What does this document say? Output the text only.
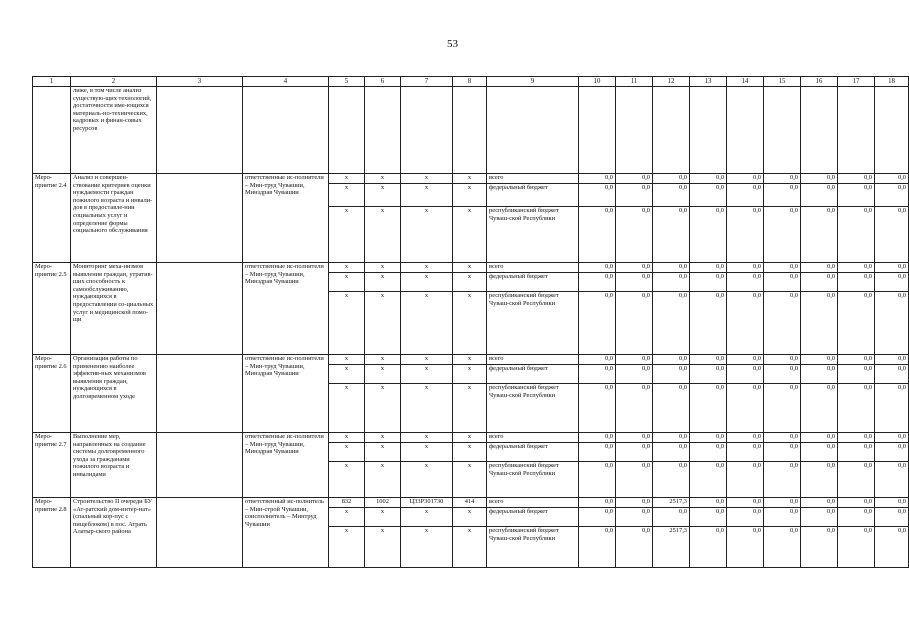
53
1	2	3	4	5	6	7	8	9	10	11	12	13	14	15	16	17	18
	лиже, в том числе анализ существую-щих технологий, достаточности име-ющихся материаль-но-технических, кадровых и финан-совых ресурсов																
Меро-приятие 2.4	Анализ и совершен-ствование критериев оценки нуждаемости граждан пожилого возраста и инвали-дов в предоставле-нии социальных услуг и определение формы социального обслуживания		ответственные ис-полнители – Мин-труд Чувашии, Минздрав Чувашии	x	x	x	x	всего	0,0	0,0	0,0	0,0	0,0	0,0	0,0	0,0	0,0
				x	x	x	x	федеральный бюджет	0,0	0,0	0,0	0,0	0,0	0,0	0,0	0,0	0,0
				x	x	x	x	республиканский бюджет Чуваш-ской Республики	0,0	0,0	0,0	0,0	0,0	0,0	0,0	0,0	0,0
Меро-приятие 2.5	Мониторинг меха-низмов выявления граждан, утратив-ших способность к самообслуживанию, нуждающихся в предоставлении со-циальных услуг и медицинской помо-щи		ответственные ис-полнители – Мин-труд Чувашии, Минздрав Чувашии	x	x	x	x	всего	0,0	0,0	0,0	0,0	0,0	0,0	0,0	0,0	0,0
				x	x	x	x	федеральный бюджет	0,0	0,0	0,0	0,0	0,0	0,0	0,0	0,0	0,0
				x	x	x	x	республиканский бюджет Чуваш-ской Республики	0,0	0,0	0,0	0,0	0,0	0,0	0,0	0,0	0,0
Меро-приятие 2.6	Организация работы по применению наиболее эффектив-ных механизмов выявления граждан, нуждающихся в долговременном уходе		ответственные ис-полнители – Мин-труд Чувашии, Минздрав Чувашии	x	x	x	x	всего	0,0	0,0	0,0	0,0	0,0	0,0	0,0	0,0	0,0
				x	x	x	x	федеральный бюджет	0,0	0,0	0,0	0,0	0,0	0,0	0,0	0,0	0,0
				x	x	x	x	республиканский бюджет Чуваш-ской Республики	0,0	0,0	0,0	0,0	0,0	0,0	0,0	0,0	0,0
Меро-приятие 2.7	Выполнение мер, направленных на создание системы долговременного ухода за гражданами пожилого возраста и инвалидами		ответственные ис-полнители – Мин-труд Чувашии, Минздрав Чувашии	x	x	x	x	всего	0,0	0,0	0,0	0,0	0,0	0,0	0,0	0,0	0,0
				x	x	x	x	федеральный бюджет	0,0	0,0	0,0	0,0	0,0	0,0	0,0	0,0	0,0
				x	x	x	x	республиканский бюджет Чуваш-ской Республики	0,0	0,0	0,0	0,0	0,0	0,0	0,0	0,0	0,0
Меро-приятие 2.8	Строительство II очереди БУ «Ат-ратский дом-интер-нат» (спальный кор-пус с пищеблоком) в пос. Атрать Алатыр-ского района		ответственный ис-полнитель – Мин-строй Чувашии, соисполнитель – Минтруд Чувашии	832	1002	Ц33Р301730	414	всего	0,0	0,0	2517,3	0,0	0,0	0,0	0,0	0,0	0,0
				x	x	x	x	федеральный бюджет	0,0	0,0	0,0	0,0	0,0	0,0	0,0	0,0	0,0
				x	x	x	x	республиканский бюджет Чуваш-ской Республики	0,0	0,0	2517,3	0,0	0,0	0,0	0,0	0,0	0,0
